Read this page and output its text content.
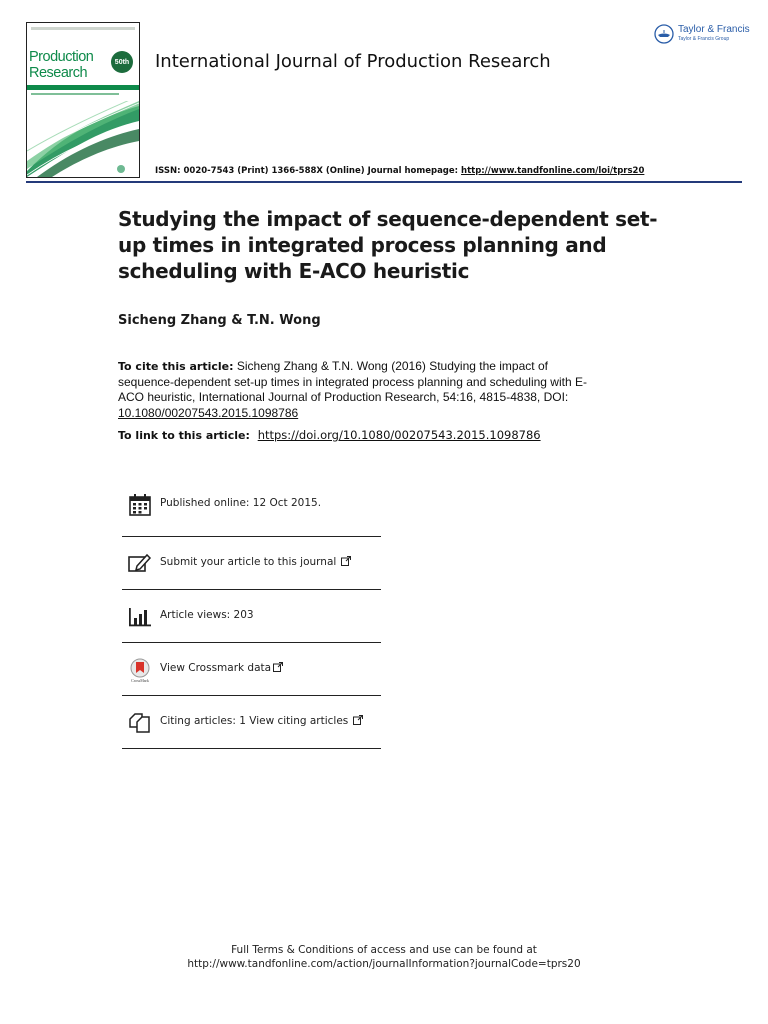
Production
Research
50th International Journal of Production Research
Taylor & Francis
Taylor & Francis Group
ISSN: 0020-7543 (Print) 1366-588X (Online) Journal homepage: http://www.tandfonline.com/loi/tprs20
Studying the impact of sequence-dependent set-up times in integrated process planning and scheduling with E-ACO heuristic
Sicheng Zhang & T.N. Wong
To cite this article: Sicheng Zhang & T.N. Wong (2016) Studying the impact of sequence-dependent set-up times in integrated process planning and scheduling with E-ACO heuristic, International Journal of Production Research, 54:16, 4815-4838, DOI: 10.1080/00207543.2015.1098786
To link to this article: https://doi.org/10.1080/00207543.2015.1098786
Published online: 12 Oct 2015.
Submit your article to this journal
Article views: 203
CrossMark
View Crossmark data
Citing articles: 1 View citing articles
Full Terms & Conditions of access and use can be found at
http://www.tandfonline.com/action/journalInformation?journalCode=tprs20
